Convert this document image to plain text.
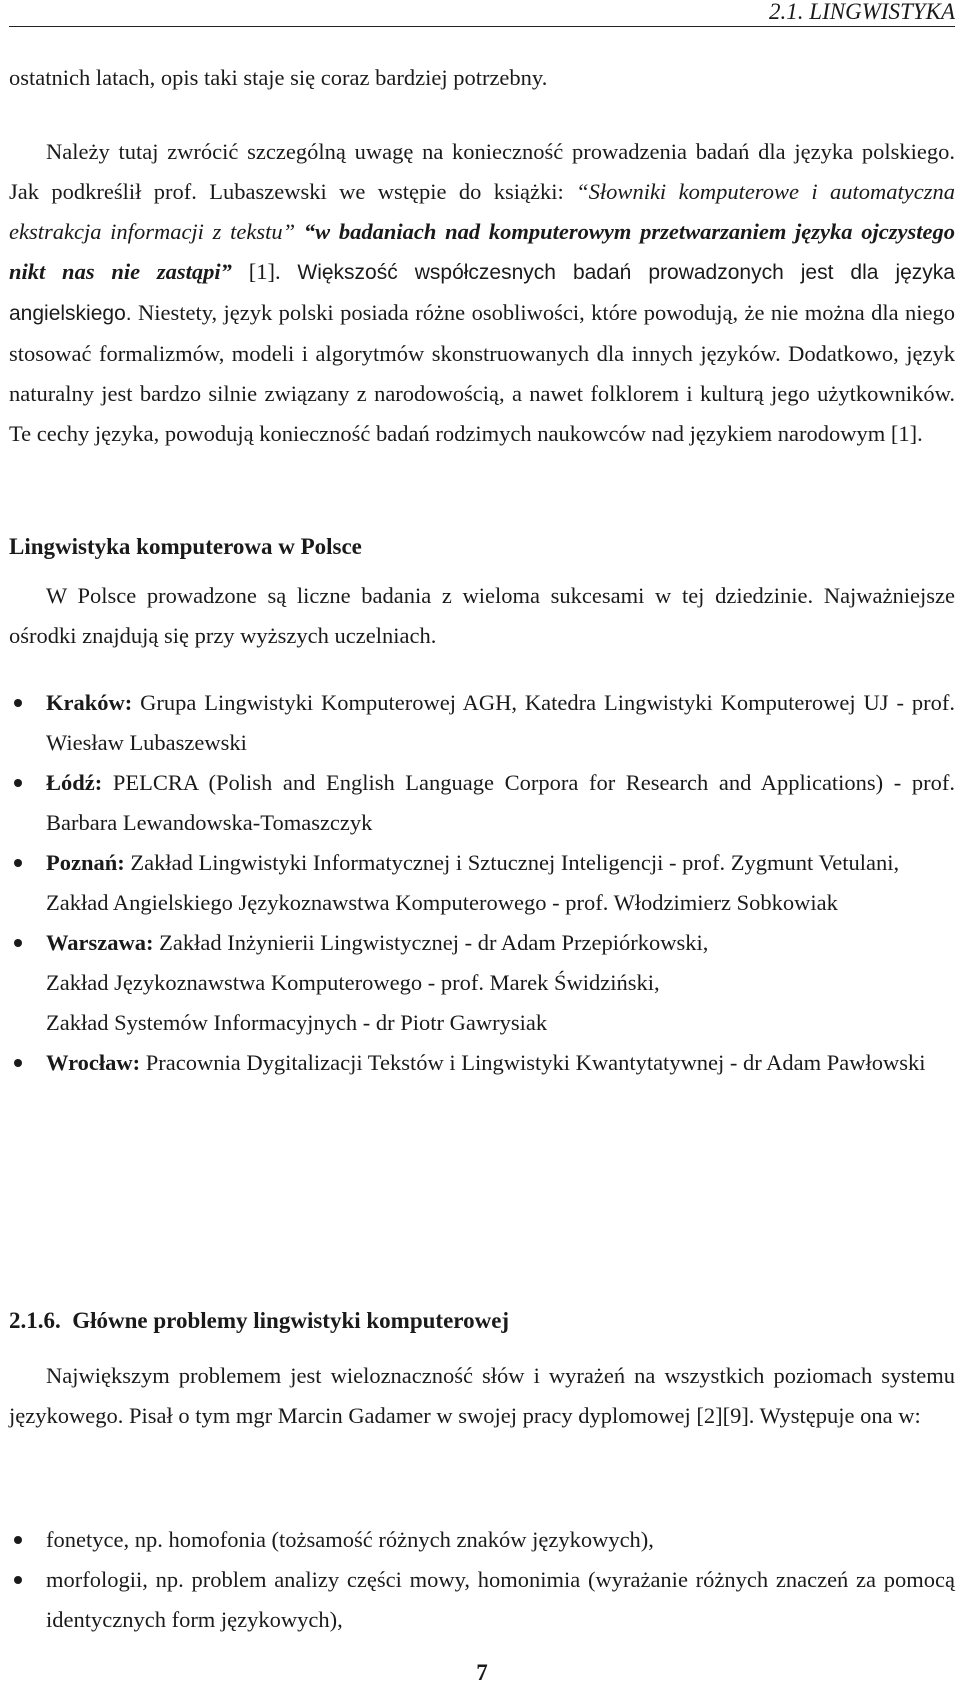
2.1. LINGWISTYKA

ostatnich latach, opis taki staje się coraz bardziej potrzebny.

Należy tutaj zwrócić szczególną uwagę na konieczność prowadzenia badań dla języka polskiego. Jak podkreślił prof. Lubaszewski we wstępie do książki: “Słowniki komputerowe i automatyczna ekstrakcja informacji z tekstu” “w badaniach nad komputerowym przetwarzaniem języka ojczystego nikt nas nie zastąpi” [1]. Większość współczesnych badań prowadzonych jest dla języka angielskiego. Niestety, język polski posiada różne osobliwości, które powodują, że nie można dla niego stosować formalizmów, modeli i algorytmów skonstruowanych dla innych języków. Dodatkowo, język naturalny jest bardzo silnie związany z narodowością, a nawet folklorem i kulturą jego użytkowników. Te cechy języka, powodują konieczność badań rodzimych naukowców nad językiem narodowym [1].

Lingwistyka komputerowa w Polsce

W Polsce prowadzone są liczne badania z wieloma sukcesami w tej dziedzinie. Najważniejsze ośrodki znajdują się przy wyższych uczelniach.

Kraków: Grupa Lingwistyki Komputerowej AGH, Katedra Lingwistyki Komputerowej UJ - prof. Wiesław Lubaszewski
Łódź: PELCRA (Polish and English Language Corpora for Research and Applications) - prof. Barbara Lewandowska-Tomaszczyk
Poznań: Zakład Lingwistyki Informatycznej i Sztucznej Inteligencji - prof. Zygmunt Vetulani,
Zakład Angielskiego Językoznawstwa Komputerowego - prof. Włodzimierz Sobkowiak
Warszawa: Zakład Inżynierii Lingwistycznej - dr Adam Przepiórkowski,
Zakład Językoznawstwa Komputerowego - prof. Marek Świdziński,
Zakład Systemów Informacyjnych - dr Piotr Gawrysiak
Wrocław: Pracownia Dygitalizacji Tekstów i Lingwistyki Kwantytatywnej - dr Adam Pawłowski
2.1.6. Główne problemy lingwistyki komputerowej

Największym problemem jest wieloznaczność słów i wyrażeń na wszystkich poziomach systemu językowego. Pisał o tym mgr Marcin Gadamer w swojej pracy dyplomowej [2][9]. Występuje ona w:

fonetyce, np. homofonia (tożsamość różnych znaków językowych),
morfologii, np. problem analizy części mowy, homonimia (wyrażanie różnych znaczeń za pomocą identycznych form językowych),
7
